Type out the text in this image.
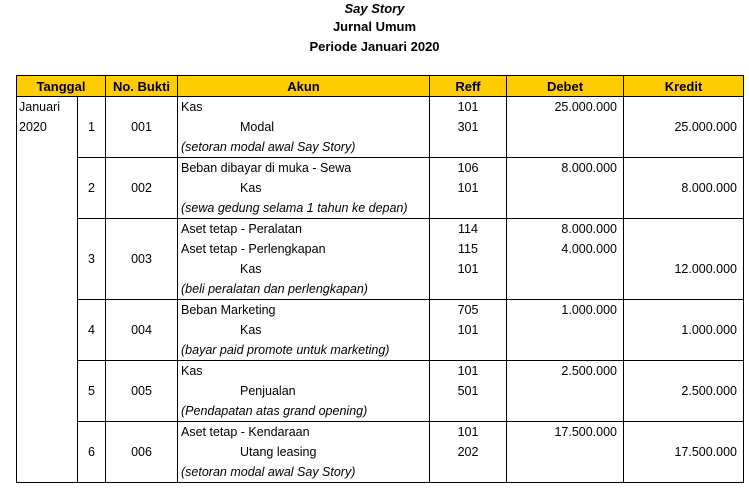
Say Story
Jurnal Umum
Periode Januari 2020
Tanggal		No. Bukti	Akun	Reff	Debet	Kredit

Januari
2020	1	001	Kas	101	25.000.000	
			Modal	301		25.000.000
			(setoran modal awal Say Story)			
	2	002	Beban dibayar di muka - Sewa	106	8.000.000	
			Kas	101		8.000.000
			(sewa gedung selama 1 tahun ke depan)			
	3	003	Aset tetap - Peralatan	114	8.000.000	
			Aset tetap - Perlengkapan	115	4.000.000	
			Kas	101		12.000.000
			(beli peralatan dan perlengkapan)			
	4	004	Beban Marketing	705	1.000.000	
			Kas	101		1.000.000
			(bayar paid promote untuk marketing)			
	5	005	Kas	101	2.500.000	
			Penjualan	501		2.500.000
			(Pendapatan atas grand opening)			
	6	006	Aset tetap - Kendaraan	101	17.500.000	
			Utang leasing	202		17.500.000
			(setoran modal awal Say Story)			
